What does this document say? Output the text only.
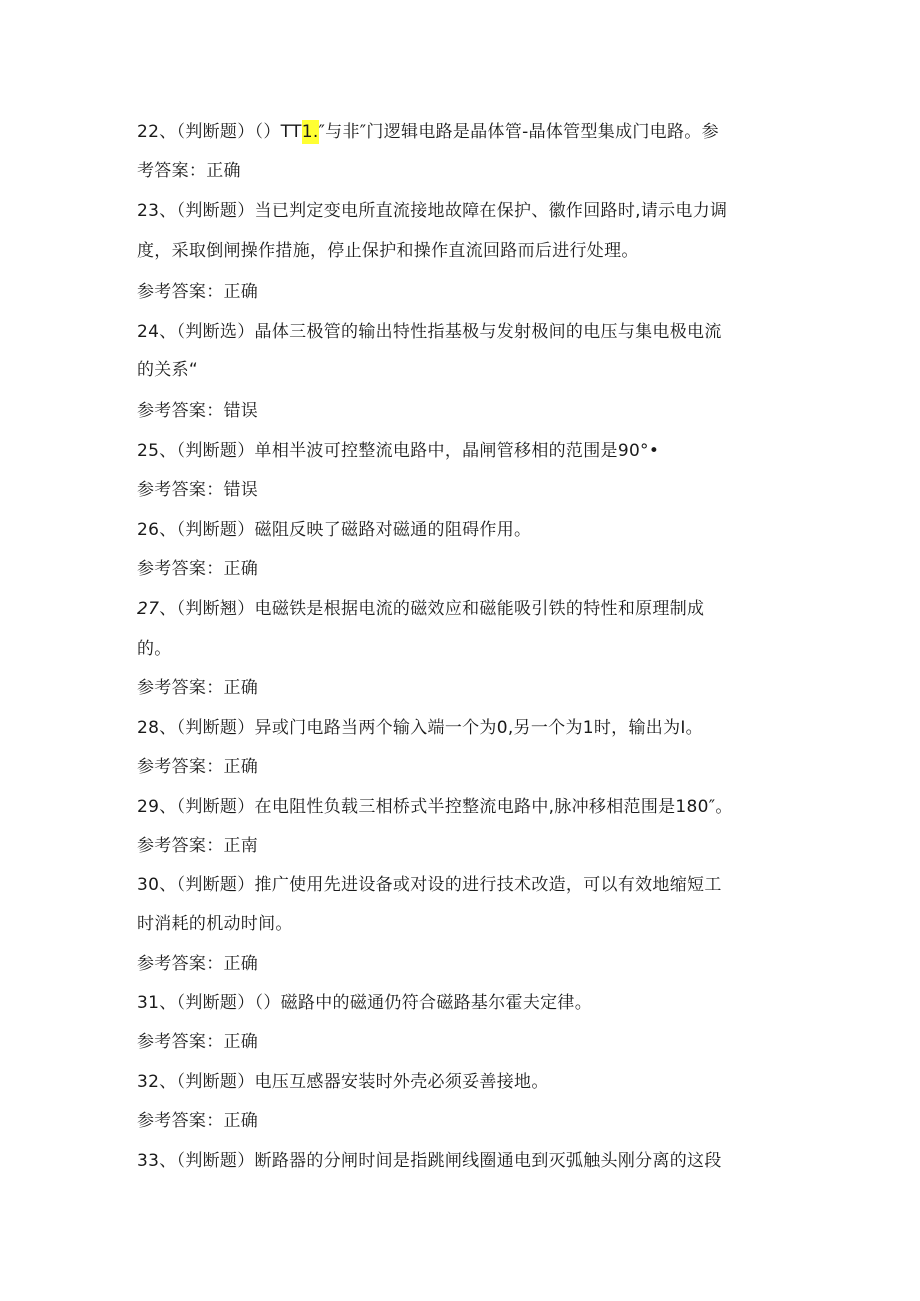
22、（判断题）（）TT1.″与非″门逻辑电路是晶体管-晶体管型集成门电路。参
考答案：正确
23、（判断题）当已判定变电所直流接地故障在保护、徽作回路时,请示电力调
度，采取倒闸操作措施，停止保护和操作直流回路而后进行处理。
参考答案：正确
24、（判断选）晶体三极管的输出特性指基极与发射极间的电压与集电极电流
的关系“
参考答案：错误
25、（判断题）单相半波可控整流电路中，晶闸管移相的范围是90°•
参考答案：错误
26、（判断题）磁阻反映了磁路对磁通的阻碍作用。
参考答案：正确
27、（判断翘）电磁铁是根据电流的磁效应和磁能吸引铁的特性和原理制成
的。
参考答案：正确
28、（判断题）异或门电路当两个输入端一个为0,另一个为1时，输出为I。
参考答案：正确
29、（判断题）在电阻性负载三相桥式半控整流电路中,脉冲移相范围是180″。
参考答案：正南
30、（判断题）推广使用先进设备或对设的进行技术改造，可以有效地缩短工
时消耗的机动时间。
参考答案：正确
31、（判断题）（）磁路中的磁通仍符合磁路基尔霍夫定律。
参考答案：正确
32、（判断题）电压互感器安装时外壳必须妥善接地。
参考答案：正确
33、（判断题）断路器的分闸时间是指跳闸线圈通电到灭弧触头刚分离的这段
